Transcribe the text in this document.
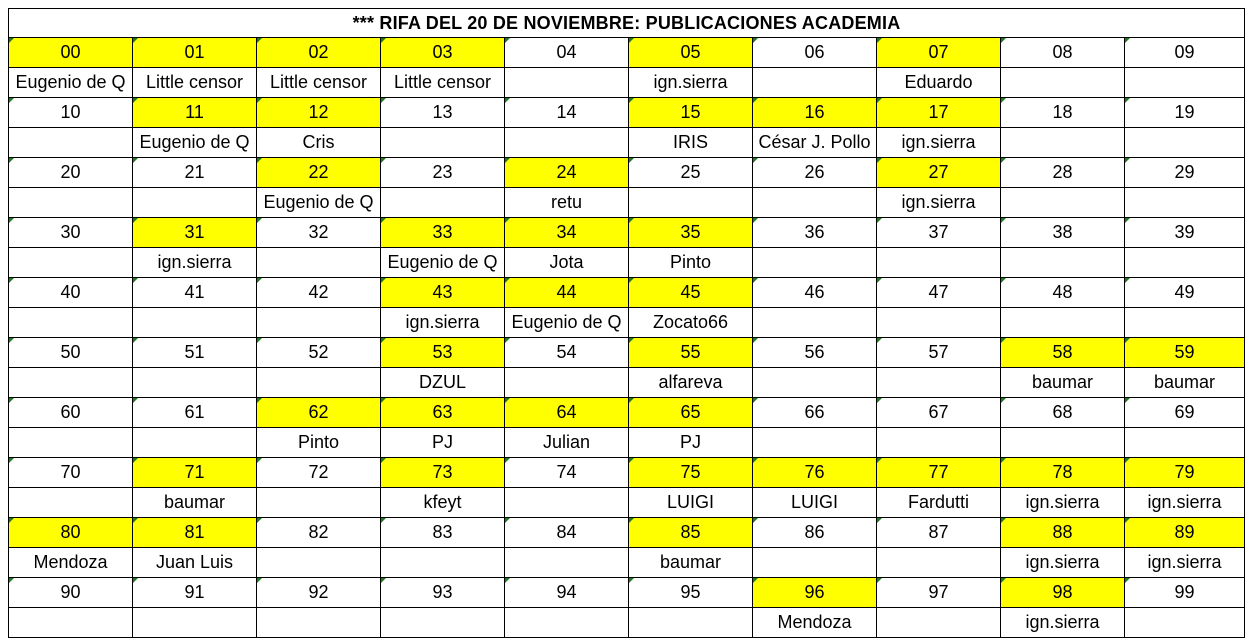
*** RIFA DEL 20 DE NOVIEMBRE: PUBLICACIONES ACADEMIA									
00	01	02	03	04	05	06	07	08	09
Eugenio de Q	Little censor	Little censor	Little censor		ign.sierra		Eduardo		
10	11	12	13	14	15	16	17	18	19
	Eugenio de Q	Cris			IRIS	César J. Pollo	ign.sierra		
20	21	22	23	24	25	26	27	28	29
		Eugenio de Q		retu			ign.sierra		
30	31	32	33	34	35	36	37	38	39
	ign.sierra		Eugenio de Q	Jota	Pinto				
40	41	42	43	44	45	46	47	48	49
			ign.sierra	Eugenio de Q	Zocato66				
50	51	52	53	54	55	56	57	58	59
			DZUL		alfareva			baumar	baumar
60	61	62	63	64	65	66	67	68	69
		Pinto	PJ	Julian	PJ				
70	71	72	73	74	75	76	77	78	79
	baumar		kfeyt		LUIGI	LUIGI	Fardutti	ign.sierra	ign.sierra
80	81	82	83	84	85	86	87	88	89
Mendoza	Juan Luis				baumar			ign.sierra	ign.sierra
90	91	92	93	94	95	96	97	98	99
						Mendoza		ign.sierra	
